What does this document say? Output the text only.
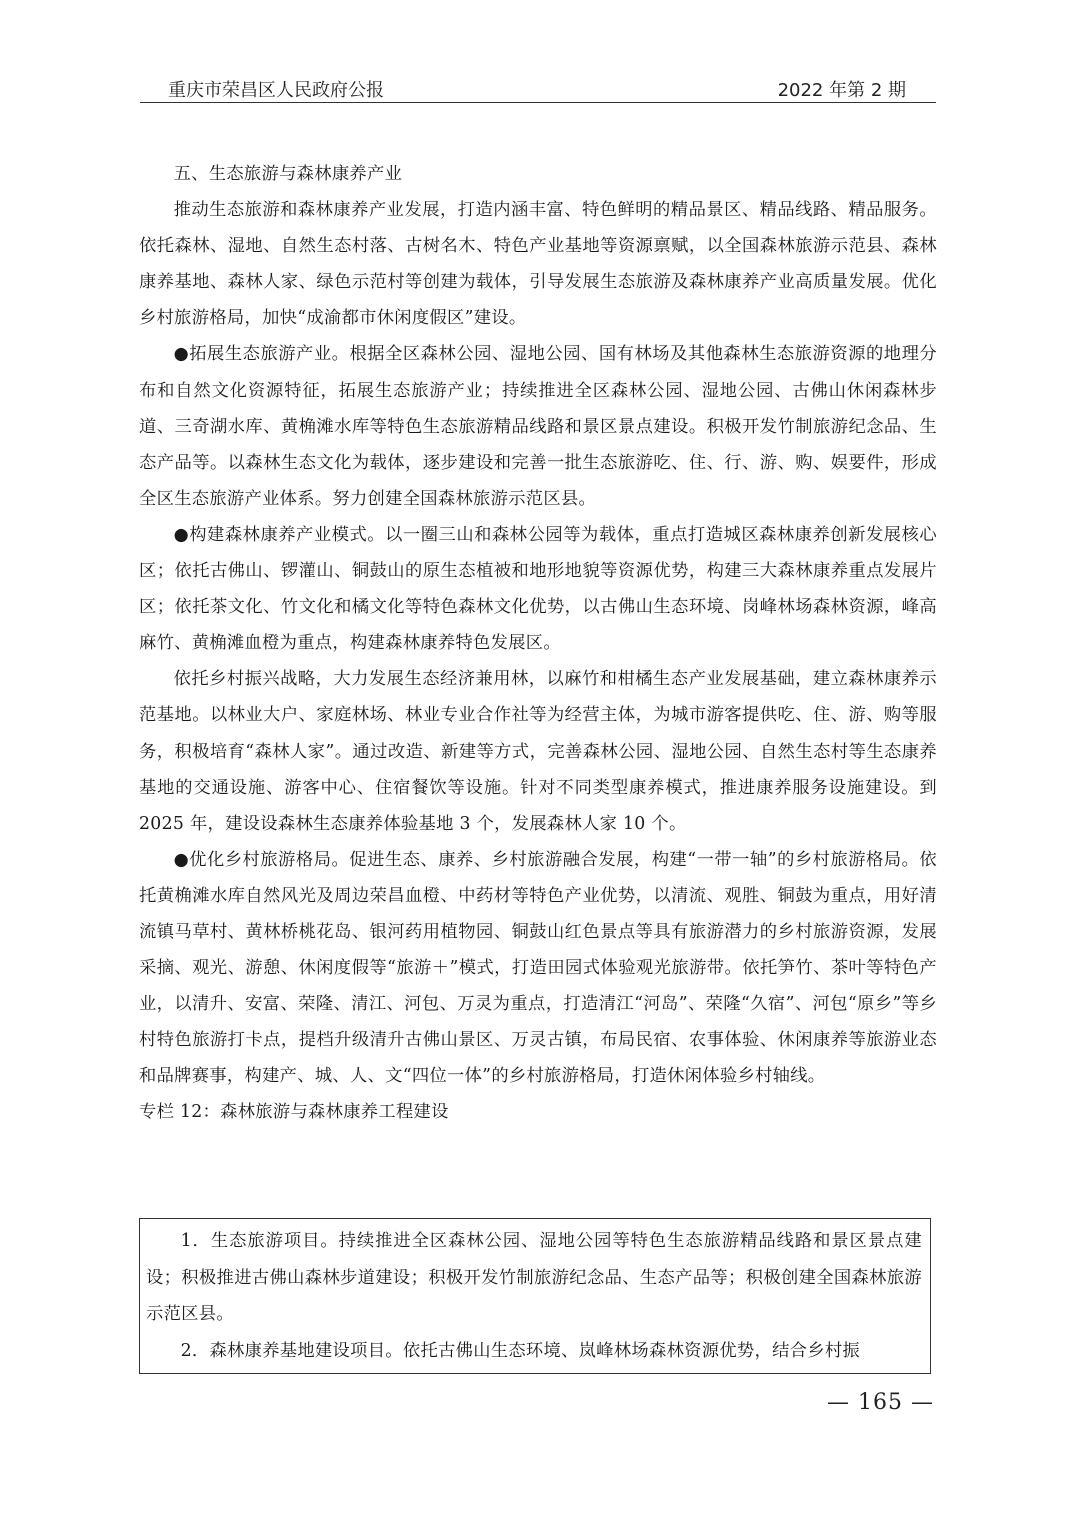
重庆市荣昌区人民政府公报	2022 年第 2 期

五、生态旅游与森林康养产业

推动生态旅游和森林康养产业发展，打造内涵丰富、特色鲜明的精品景区、精品线路、精品服务。依托森林、湿地、自然生态村落、古树名木、特色产业基地等资源禀赋，以全国森林旅游示范县、森林康养基地、森林人家、绿色示范村等创建为载体，引导发展生态旅游及森林康养产业高质量发展。优化乡村旅游格局，加快“成渝都市休闲度假区”建设。

●拓展生态旅游产业。根据全区森林公园、湿地公园、国有林场及其他森林生态旅游资源的地理分布和自然文化资源特征，拓展生态旅游产业；持续推进全区森林公园、湿地公园、古佛山休闲森林步道、三奇湖水库、黄桷滩水库等特色生态旅游精品线路和景区景点建设。积极开发竹制旅游纪念品、生态产品等。以森林生态文化为载体，逐步建设和完善一批生态旅游吃、住、行、游、购、娱要件，形成全区生态旅游产业体系。努力创建全国森林旅游示范区县。

●构建森林康养产业模式。以一圈三山和森林公园等为载体，重点打造城区森林康养创新发展核心区；依托古佛山、锣灌山、铜鼓山的原生态植被和地形地貌等资源优势，构建三大森林康养重点发展片区；依托茶文化、竹文化和橘文化等特色森林文化优势，以古佛山生态环境、岗峰林场森林资源，峰高麻竹、黄桷滩血橙为重点，构建森林康养特色发展区。

依托乡村振兴战略，大力发展生态经济兼用林，以麻竹和柑橘生态产业发展基础，建立森林康养示范基地。以林业大户、家庭林场、林业专业合作社等为经营主体，为城市游客提供吃、住、游、购等服务，积极培育“森林人家”。通过改造、新建等方式，完善森林公园、湿地公园、自然生态村等生态康养基地的交通设施、游客中心、住宿餐饮等设施。针对不同类型康养模式，推进康养服务设施建设。到 2025 年，建设设森林生态康养体验基地 3 个，发展森林人家 10 个。

●优化乡村旅游格局。促进生态、康养、乡村旅游融合发展，构建“一带一轴”的乡村旅游格局。依托黄桷滩水库自然风光及周边荣昌血橙、中药材等特色产业优势，以清流、观胜、铜鼓为重点，用好清流镇马草村、黄林桥桃花岛、银河药用植物园、铜鼓山红色景点等具有旅游潜力的乡村旅游资源，发展采摘、观光、游憩、休闲度假等“旅游＋”模式，打造田园式体验观光旅游带。依托笋竹、茶叶等特色产业，以清升、安富、荣隆、清江、河包、万灵为重点，打造清江“河岛”、荣隆“久宿”、河包“原乡”等乡村特色旅游打卡点，提档升级清升古佛山景区、万灵古镇，布局民宿、农事体验、休闲康养等旅游业态和品牌赛事，构建产、城、人、文“四位一体”的乡村旅游格局，打造休闲体验乡村轴线。

专栏 12：森林旅游与森林康养工程建设

1．生态旅游项目。持续推进全区森林公园、湿地公园等特色生态旅游精品线路和景区景点建设；积极推进古佛山森林步道建设；积极开发竹制旅游纪念品、生态产品等；积极创建全国森林旅游示范区县。

2．森林康养基地建设项目。依托古佛山生态环境、岚峰林场森林资源优势，结合乡村振

— 165 —
